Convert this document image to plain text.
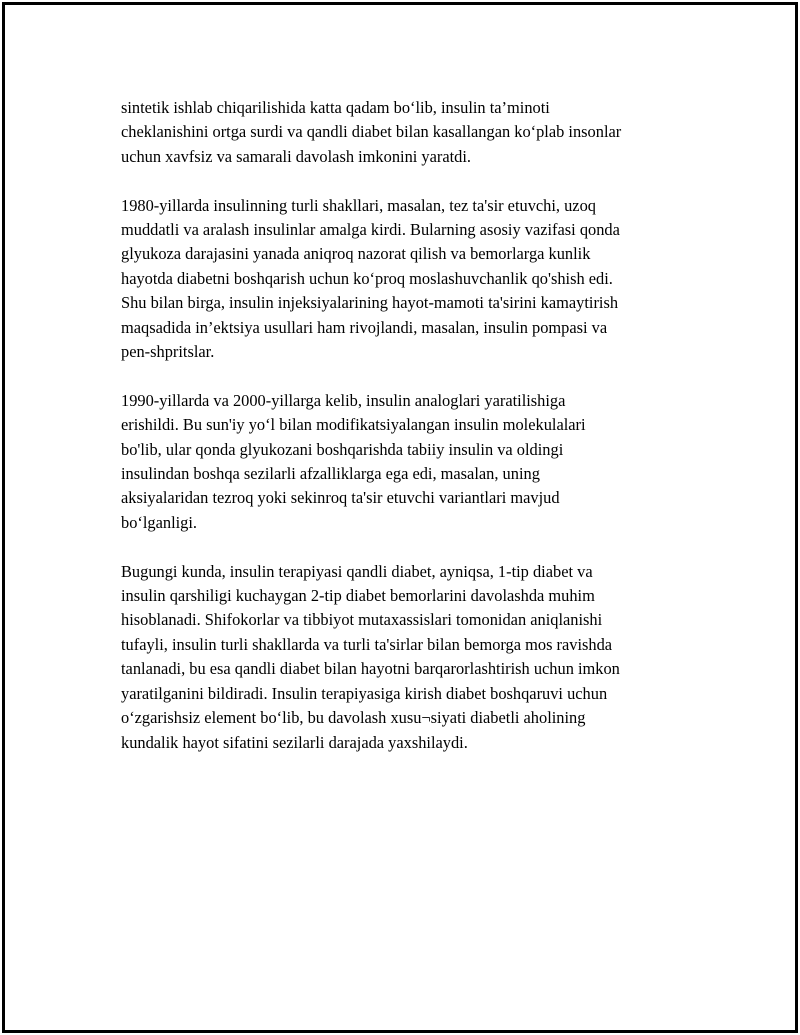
sintetik ishlab chiqarilishida katta qadam bo‘lib, insulin ta’minoti
cheklanishini ortga surdi va qandli diabet bilan kasallangan ko‘plab insonlar
uchun xavfsiz va samarali davolash imkonini yaratdi.

1980-yillarda insulinning turli shakllari, masalan, tez ta'sir etuvchi, uzoq
muddatli va aralash insulinlar amalga kirdi. Bularning asosiy vazifasi qonda
glyukoza darajasini yanada aniqroq nazorat qilish va bemorlarga kunlik
hayotda diabetni boshqarish uchun ko‘proq moslashuvchanlik qo'shish edi.
Shu bilan birga, insulin injeksiyalarining hayot-mamoti ta'sirini kamaytirish
maqsadida in’ektsiya usullari ham rivojlandi, masalan, insulin pompasi va
pen-shpritslar.

1990-yillarda va 2000-yillarga kelib, insulin analoglari yaratilishiga
erishildi. Bu sun'iy yo‘l bilan modifikatsiyalangan insulin molekulalari
bo'lib, ular qonda glyukozani boshqarishda tabiiy insulin va oldingi
insulindan boshqa sezilarli afzalliklarga ega edi, masalan, uning
aksiyalaridan tezroq yoki sekinroq ta'sir etuvchi variantlari mavjud
bo‘lganligi.

Bugungi kunda, insulin terapiyasi qandli diabet, ayniqsa, 1-tip diabet va
insulin qarshiligi kuchaygan 2-tip diabet bemorlarini davolashda muhim
hisoblanadi. Shifokorlar va tibbiyot mutaxassislari tomonidan aniqlanishi
tufayli, insulin turli shakllarda va turli ta'sirlar bilan bemorga mos ravishda
tanlanadi, bu esa qandli diabet bilan hayotni barqarorlashtirish uchun imkon
yaratilganini bildiradi. Insulin terapiyasiga kirish diabet boshqaruvi uchun
o‘zgarishsiz element bo‘lib, bu davolash xusu¬siyati diabetli aholining
kundalik hayot sifatini sezilarli darajada yaxshilaydi.
